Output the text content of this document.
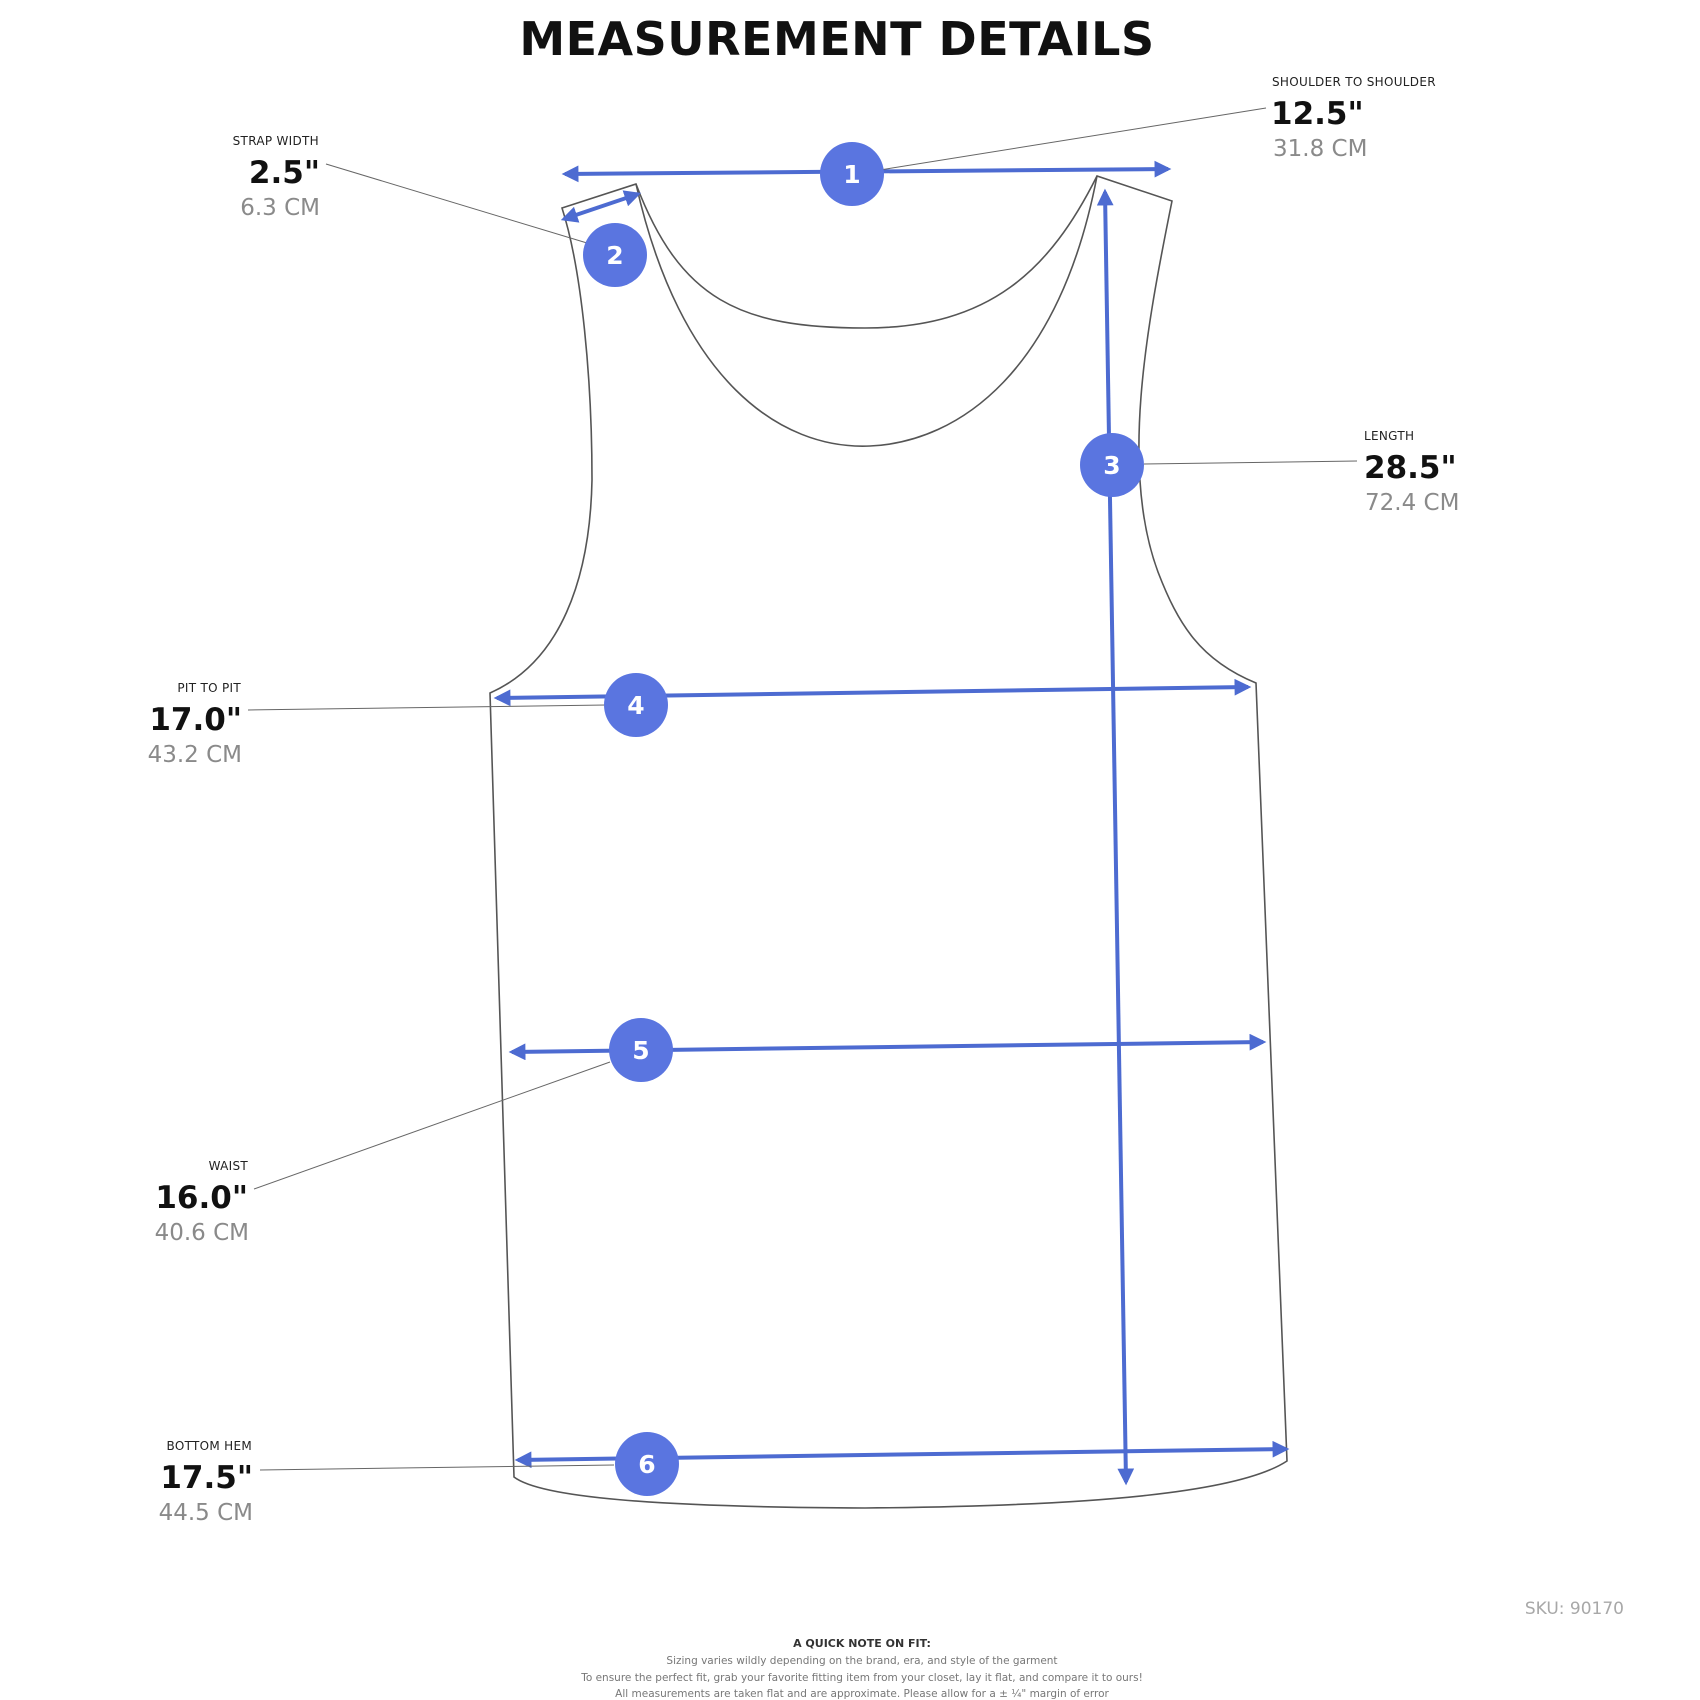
MEASUREMENT DETAILS
1
2
3
4
5
6
SHOULDER TO SHOULDER
12.5"
31.8 CM
STRAP WIDTH
2.5"
6.3 CM
LENGTH
28.5"
72.4 CM
PIT TO PIT
17.0"
43.2 CM
WAIST
16.0"
40.6 CM
BOTTOM HEM
17.5"
44.5 CM
SKU: 90170
A QUICK NOTE ON FIT:
Sizing varies wildly depending on the brand, era, and style of the garment
To ensure the perfect fit, grab your favorite fitting item from your closet, lay it flat, and compare it to ours!
All measurements are taken flat and are approximate. Please allow for a ± ¼" margin of error
